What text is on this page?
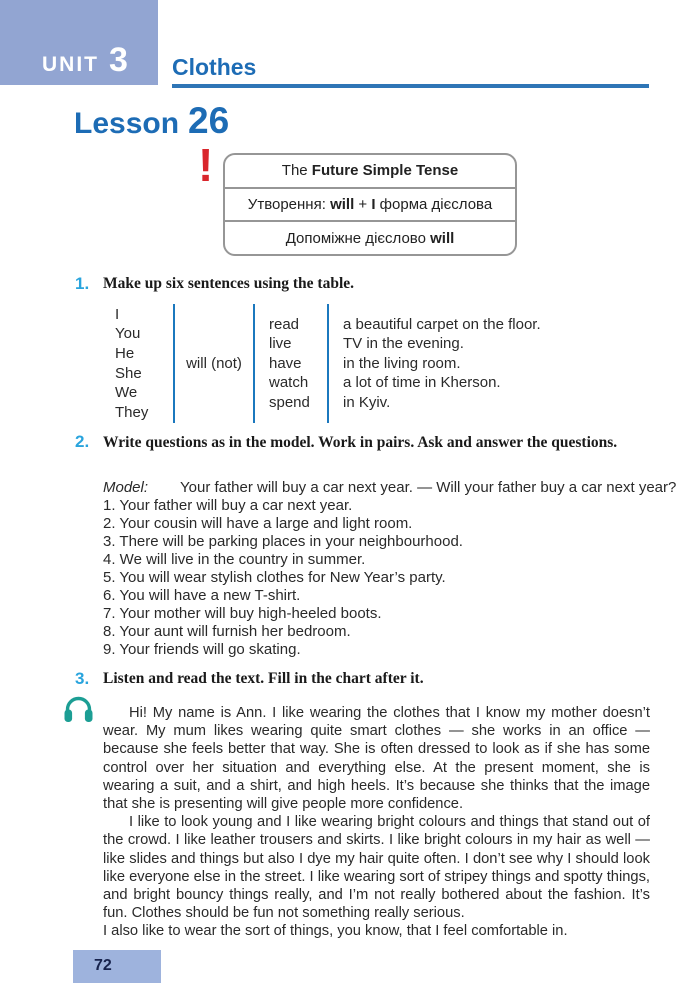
UNIT 3 Clothes
Lesson 26
!	The Future Simple Tense
Утворення: will + I форма дієслова
Допоміжне дієслово will
1. Make up six sentences using the table.
I
You
He
She
We
They
will (not)
read
live
have
watch
spend
a beautiful carpet on the floor.
TV in the evening.
in the living room.
a lot of time in Kherson.
in Kyiv.
2. Write questions as in the model. Work in pairs. Ask and answer the questions.
Model:	Your father will buy a car next year. — Will your father buy a car next year?
1. Your father will buy a car next year.
2. Your cousin will have a large and light room.
3. There will be parking places in your neighbourhood.
4. We will live in the country in summer.
5. You will wear stylish clothes for New Year’s party.
6. You will have a new T-shirt.
7. Your mother will buy high-heeled boots.
8. Your aunt will furnish her bedroom.
9. Your friends will go skating.
3. Listen and read the text. Fill in the chart after it.
Hi! My name is Ann. I like wearing the clothes that I know my mother doesn’t wear. My mum likes wearing quite smart clothes — she works in an office — because she feels better that way. She is often dressed to look as if she has some control over her situation and everything else. At the present moment, she is wearing a suit, and a shirt, and high heels. It’s because she thinks that the image that she is presenting will give people more confidence.
I like to look young and I like wearing bright colours and things that stand out of the crowd. I like leather trousers and skirts. I like bright colours in my hair as well — like slides and things but also I dye my hair quite often. I don’t see why I should look like everyone else in the street. I like wearing sort of stripey things and spotty things, and bright bouncy things really, and I’m not really bothered about the fashion. It’s fun. Clothes should be fun not something really serious.
I also like to wear the sort of things, you know, that I feel comfortable in.
72
